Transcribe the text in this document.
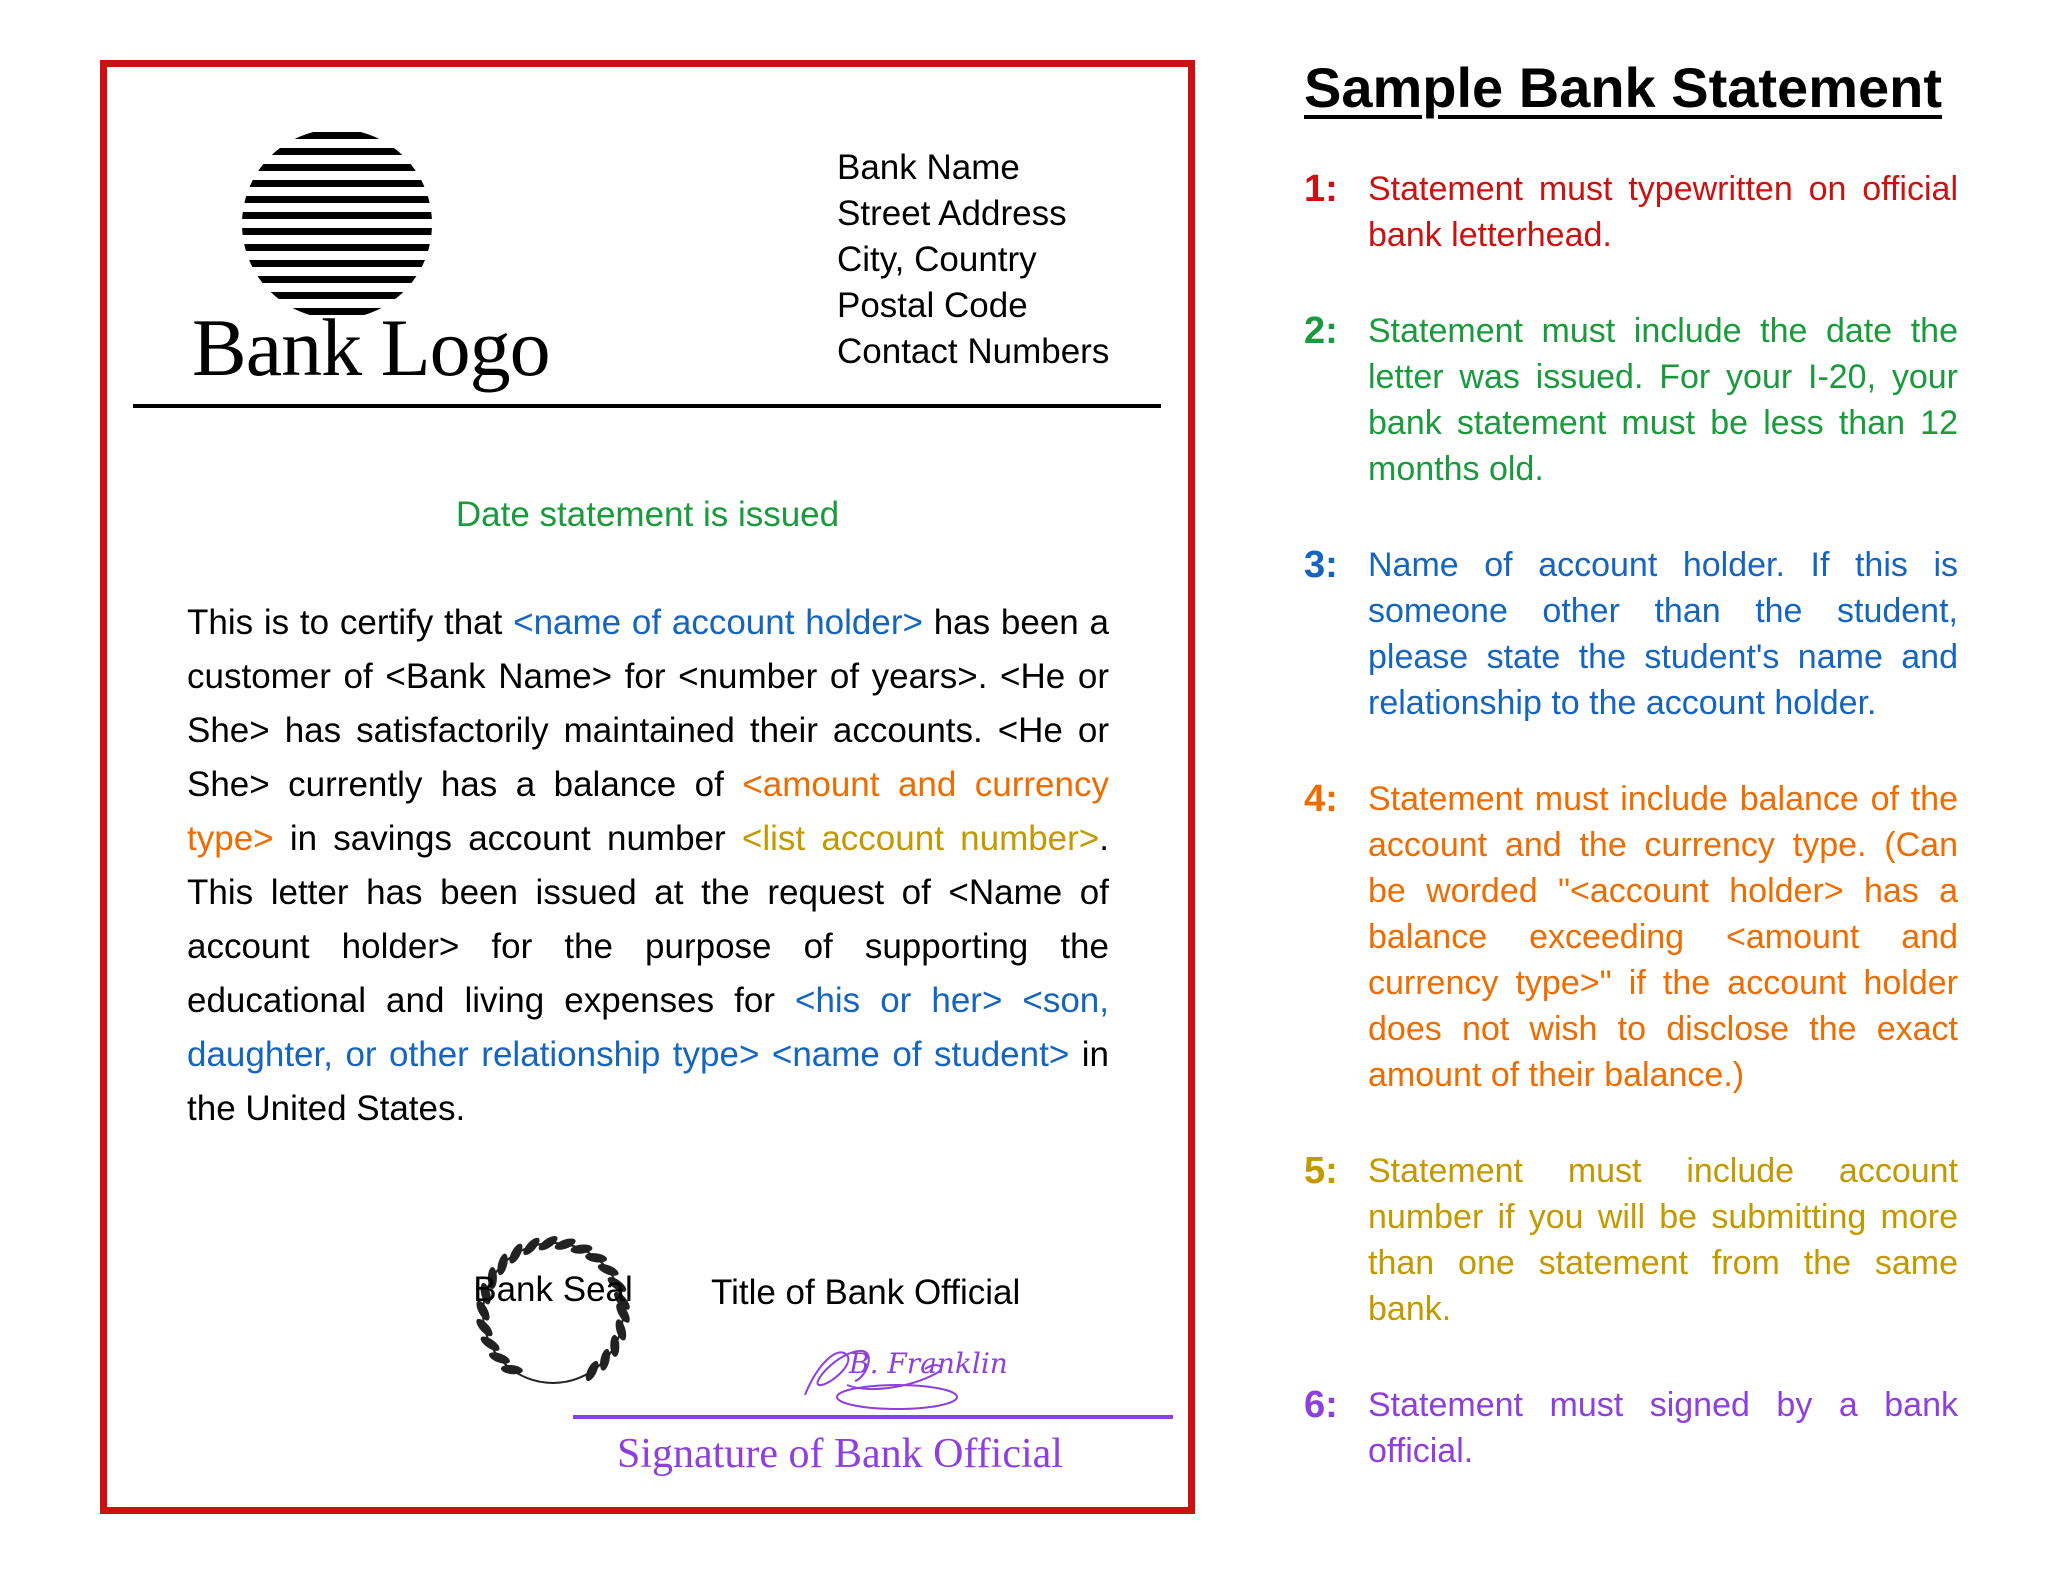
Bank Logo
Bank Name
Street Address
City, Country
Postal Code
Contact Numbers
Date statement is issued
This is to certify that <name of account holder> has been a customer of <Bank Name> for <number of years>. <He or She> has satisfactorily maintained their accounts. <He or She> currently has a balance of <amount and currency type> in savings account number <list account number>. This letter has been issued at the request of <Name of account holder> for the purpose of supporting the educational and living expenses for <his or her> <son, daughter, or other relationship type> <name of student> in the United States.
Bank Seal Title of Bank Official
B. Franklin
Signature of Bank Official
Sample Bank Statement
1: Statement must typewritten on official bank letterhead.
2: Statement must include the date the letter was issued. For your I-20, your bank statement must be less than 12 months old.
3: Name of account holder. If this is someone other than the student, please state the student's name and relationship to the account holder.
4: Statement must include balance of the account and the currency type. (Can be worded "<account holder> has a balance exceeding <amount and currency type>" if the account holder does not wish to disclose the exact amount of their balance.)
5: Statement must include account number if you will be submitting more than one statement from the same bank.
6: Statement must signed by a bank official.
